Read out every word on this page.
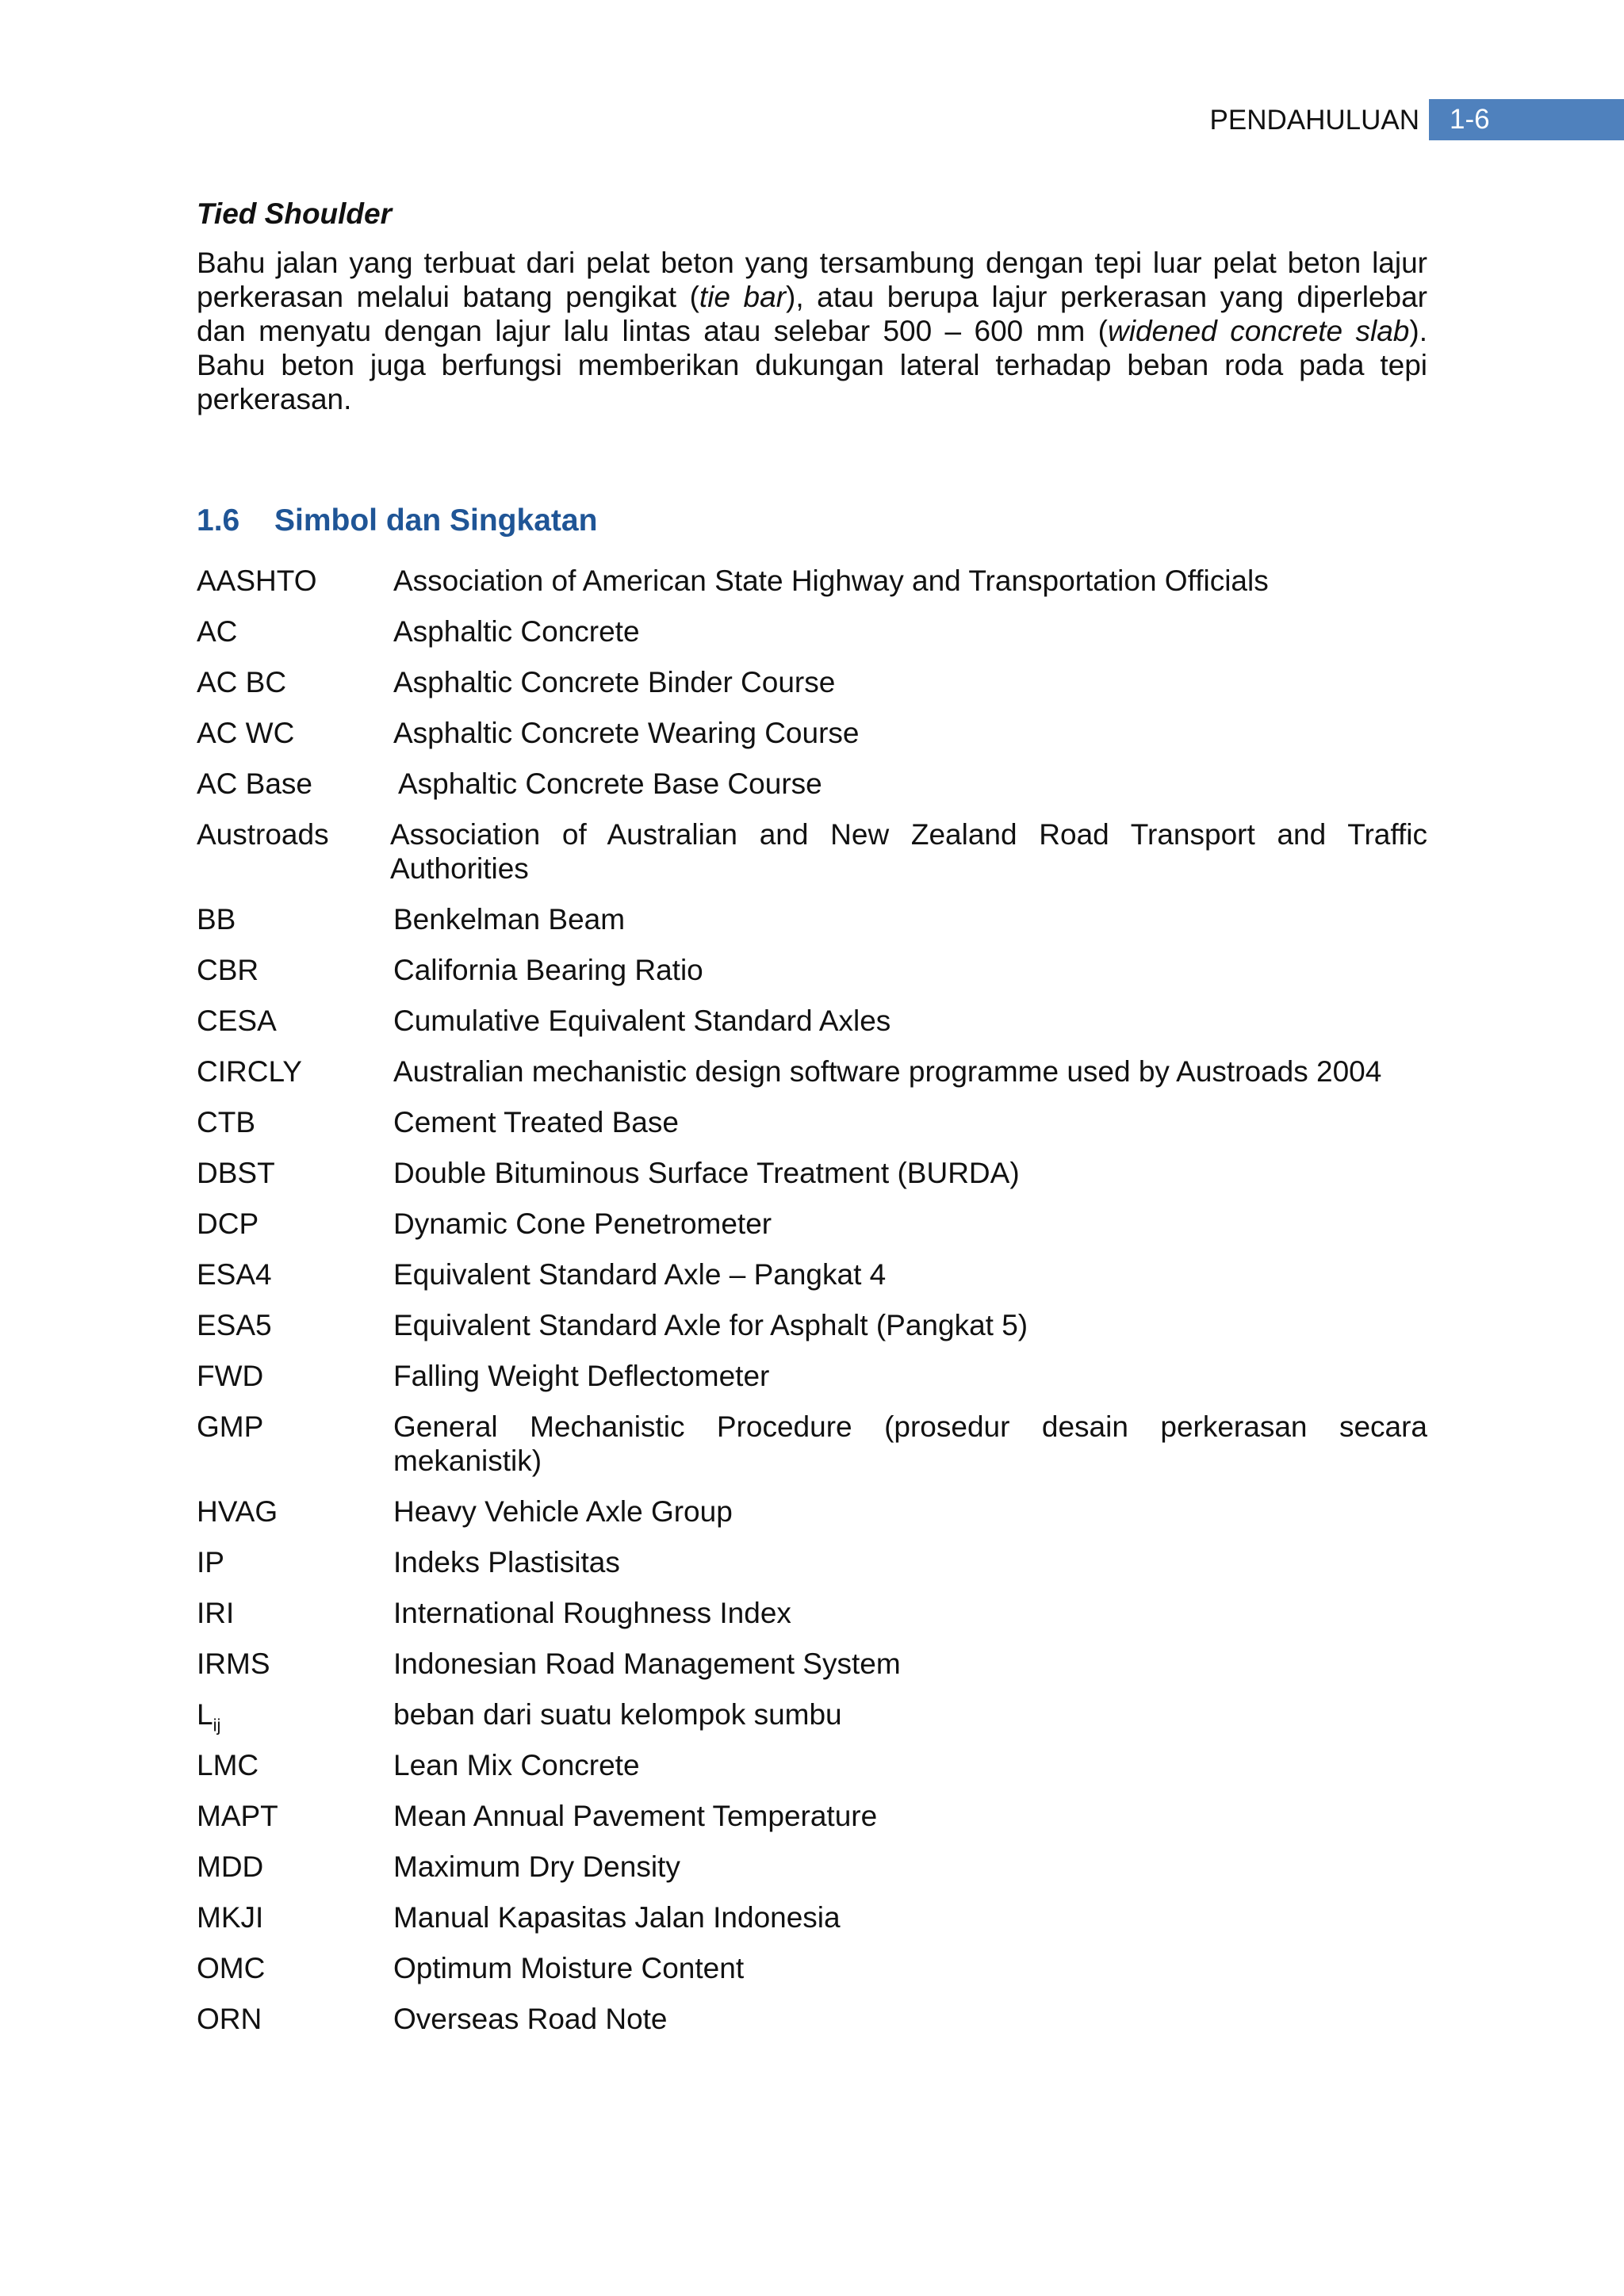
PENDAHULUAN	1-6

Tied Shoulder

Bahu jalan yang terbuat dari pelat beton yang tersambung dengan tepi luar pelat beton lajur perkerasan melalui batang pengikat (tie bar), atau berupa lajur perkerasan yang diperlebar dan menyatu dengan lajur lalu lintas atau selebar 500 – 600 mm (widened concrete slab). Bahu beton juga berfungsi memberikan dukungan lateral terhadap beban roda pada tepi perkerasan.

1.6 Simbol dan Singkatan
AASHTO	Association of American State Highway and Transportation Officials
AC	Asphaltic Concrete
AC BC	Asphaltic Concrete Binder Course
AC WC	Asphaltic Concrete Wearing Course
AC Base	Asphaltic Concrete Base Course
Austroads	Association of Australian and New Zealand Road Transport and Traffic Authorities
BB	Benkelman Beam
CBR	California Bearing Ratio
CESA	Cumulative Equivalent Standard Axles
CIRCLY	Australian mechanistic design software programme used by Austroads 2004
CTB	Cement Treated Base
DBST	Double Bituminous Surface Treatment (BURDA)
DCP	Dynamic Cone Penetrometer
ESA4	Equivalent Standard Axle – Pangkat 4
ESA5	Equivalent Standard Axle for Asphalt (Pangkat 5)
FWD	Falling Weight Deflectometer
GMP	General Mechanistic Procedure (prosedur desain perkerasan secara mekanistik)
HVAG	Heavy Vehicle Axle Group
IP	Indeks Plastisitas
IRI	International Roughness Index
IRMS	Indonesian Road Management System
$L_{ij}$	beban dari suatu kelompok sumbu
LMC	Lean Mix Concrete
MAPT	Mean Annual Pavement Temperature
MDD	Maximum Dry Density
MKJI	Manual Kapasitas Jalan Indonesia
OMC	Optimum Moisture Content
ORN	Overseas Road Note
